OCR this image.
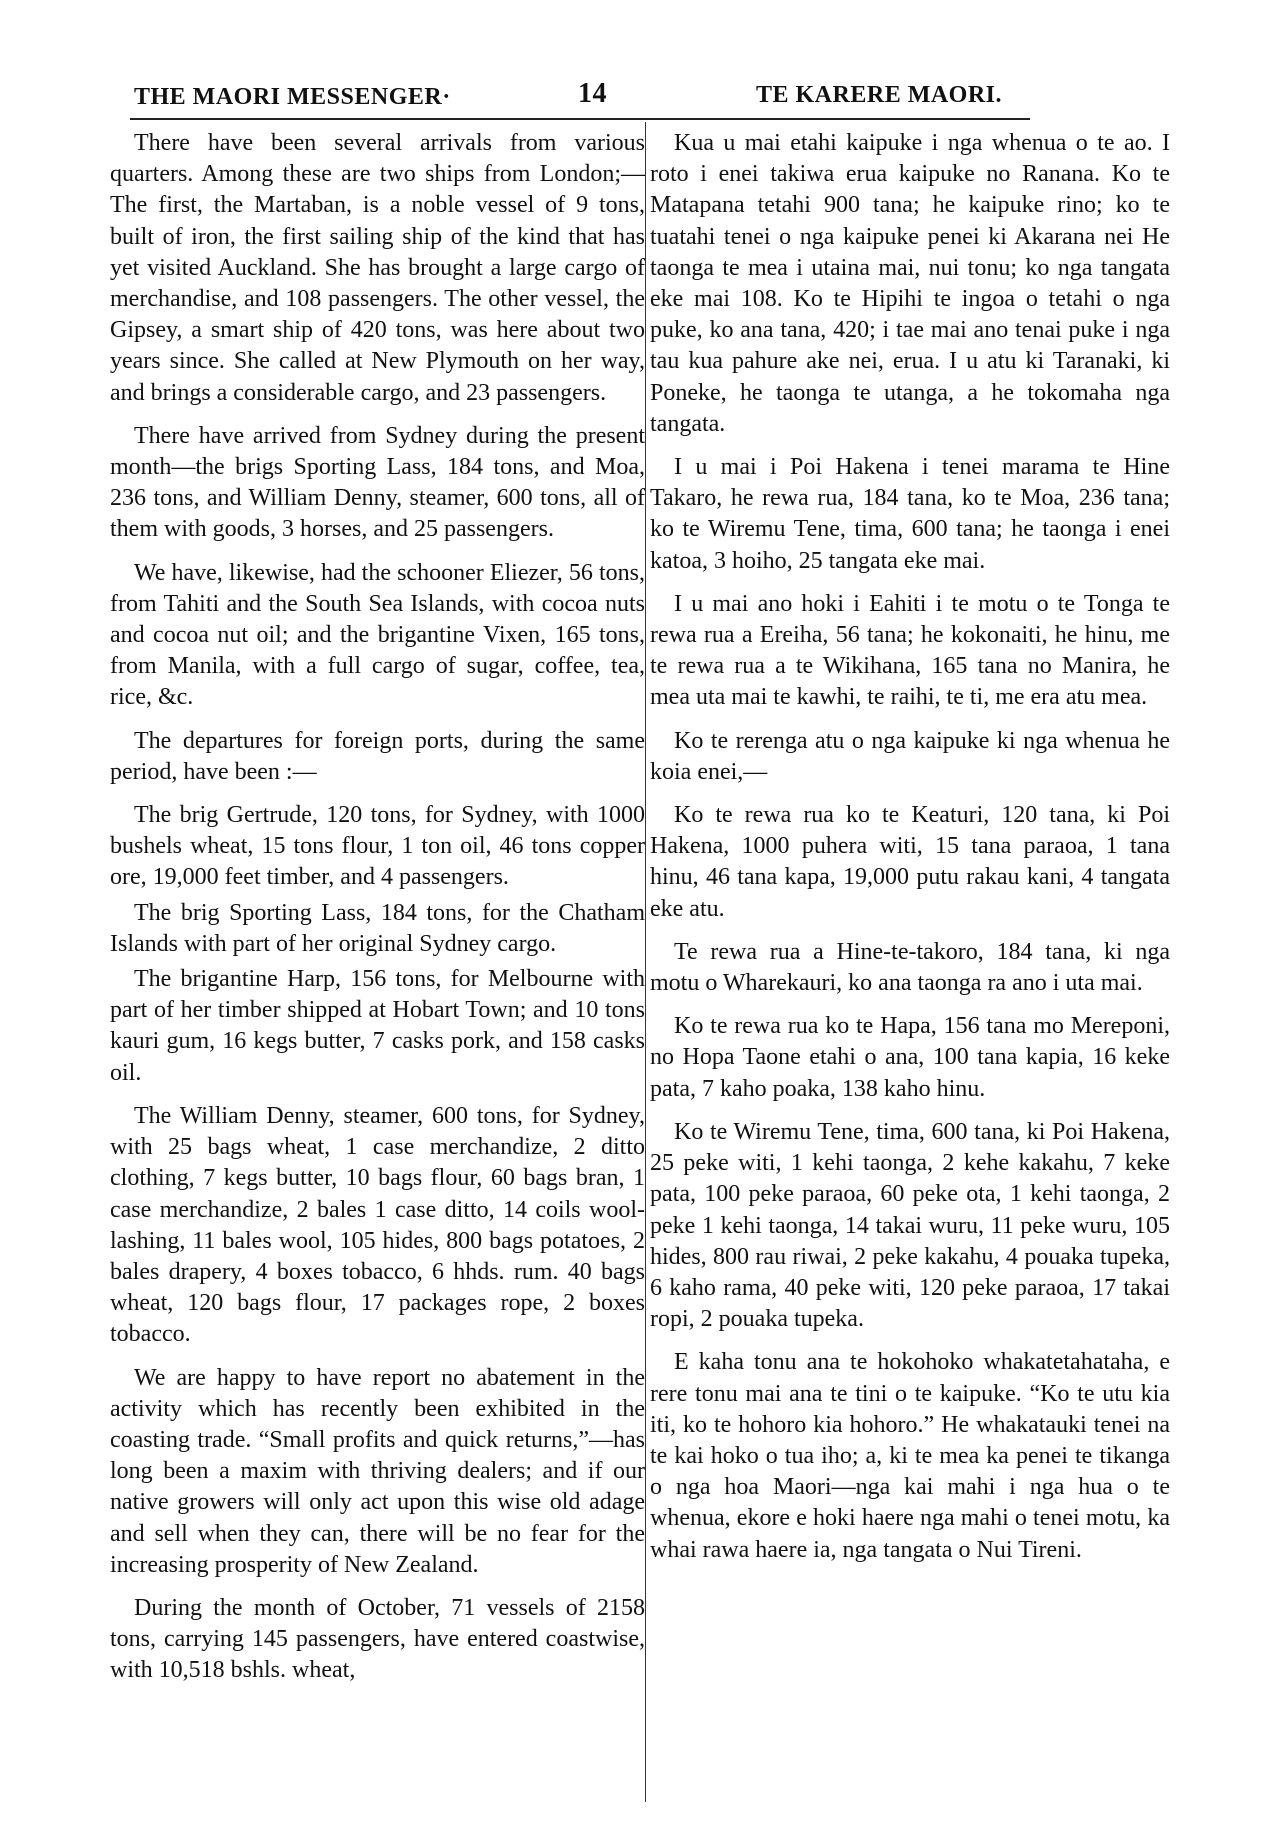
THE MAORI MESSENGER·	14	TE KARERE MAORI.

There have been several arrivals from various quarters. Among these are two ships from London;—The first, the Martaban, is a noble vessel of 9 tons, built of iron, the first sailing ship of the kind that has yet visited Auckland. She has brought a large cargo of merchandise, and 108 passengers. The other vessel, the Gipsey, a smart ship of 420 tons, was here about two years since. She called at New Plymouth on her way, and brings a considerable cargo, and 23 passengers.

There have arrived from Sydney during the present month—the brigs Sporting Lass, 184 tons, and Moa, 236 tons, and William Denny, steamer, 600 tons, all of them with goods, 3 horses, and 25 passengers.

We have, likewise, had the schooner Eliezer, 56 tons, from Tahiti and the South Sea Islands, with cocoa nuts and cocoa nut oil; and the brigantine Vixen, 165 tons, from Manila, with a full cargo of sugar, coffee, tea, rice, &c.

The departures for foreign ports, during the same period, have been :—

The brig Gertrude, 120 tons, for Sydney, with 1000 bushels wheat, 15 tons flour, 1 ton oil, 46 tons copper ore, 19,000 feet timber, and 4 passengers.

The brig Sporting Lass, 184 tons, for the Chatham Islands with part of her original Sydney cargo.

The brigantine Harp, 156 tons, for Melbourne with part of her timber shipped at Hobart Town; and 10 tons kauri gum, 16 kegs butter, 7 casks pork, and 158 casks oil.

The William Denny, steamer, 600 tons, for Sydney, with 25 bags wheat, 1 case merchandize, 2 ditto clothing, 7 kegs butter, 10 bags flour, 60 bags bran, 1 case merchandize, 2 bales 1 case ditto, 14 coils wool-lashing, 11 bales wool, 105 hides, 800 bags potatoes, 2 bales drapery, 4 boxes tobacco, 6 hhds. rum. 40 bags wheat, 120 bags flour, 17 packages rope, 2 boxes tobacco.

We are happy to have report no abatement in the activity which has recently been exhibited in the coasting trade. “Small profits and quick returns,”—has long been a maxim with thriving dealers; and if our native growers will only act upon this wise old adage and sell when they can, there will be no fear for the increasing prosperity of New Zealand.

During the month of October, 71 vessels of 2158 tons, carrying 145 passengers, have entered coastwise, with 10,518 bshls. wheat,

Kua u mai etahi kaipuke i nga whenua o te ao. I roto i enei takiwa erua kaipuke no Ranana. Ko te Matapana tetahi 900 tana; he kaipuke rino; ko te tuatahi tenei o nga kaipuke penei ki Akarana nei He taonga te mea i utaina mai, nui tonu; ko nga tangata eke mai 108. Ko te Hipihi te ingoa o tetahi o nga puke, ko ana tana, 420; i tae mai ano tenai puke i nga tau kua pahure ake nei, erua. I u atu ki Taranaki, ki Poneke, he taonga te utanga, a he tokomaha nga tangata.

I u mai i Poi Hakena i tenei marama te Hine Takaro, he rewa rua, 184 tana, ko te Moa, 236 tana; ko te Wiremu Tene, tima, 600 tana; he taonga i enei katoa, 3 hoiho, 25 tangata eke mai.

I u mai ano hoki i Eahiti i te motu o te Tonga te rewa rua a Ereiha, 56 tana; he kokonaiti, he hinu, me te rewa rua a te Wikihana, 165 tana no Manira, he mea uta mai te kawhi, te raihi, te ti, me era atu mea.

Ko te rerenga atu o nga kaipuke ki nga whenua he koia enei,—

Ko te rewa rua ko te Keaturi, 120 tana, ki Poi Hakena, 1000 puhera witi, 15 tana paraoa, 1 tana hinu, 46 tana kapa, 19,000 putu rakau kani, 4 tangata eke atu.

Te rewa rua a Hine-te-takoro, 184 tana, ki nga motu o Wharekauri, ko ana taonga ra ano i uta mai.

Ko te rewa rua ko te Hapa, 156 tana mo Mereponi, no Hopa Taone etahi o ana, 100 tana kapia, 16 keke pata, 7 kaho poaka, 138 kaho hinu.

Ko te Wiremu Tene, tima, 600 tana, ki Poi Hakena, 25 peke witi, 1 kehi taonga, 2 kehe kakahu, 7 keke pata, 100 peke paraoa, 60 peke ota, 1 kehi taonga, 2 peke 1 kehi taonga, 14 takai wuru, 11 peke wuru, 105 hides, 800 rau riwai, 2 peke kakahu, 4 pouaka tupeka, 6 kaho rama, 40 peke witi, 120 peke paraoa, 17 takai ropi, 2 pouaka tupeka.

E kaha tonu ana te hokohoko whakatetahataha, e rere tonu mai ana te tini o te kaipuke. “Ko te utu kia iti, ko te hohoro kia hohoro.” He whakatauki tenei na te kai hoko o tua iho; a, ki te mea ka penei te tikanga o nga hoa Maori—nga kai mahi i nga hua o te whenua, ekore e hoki haere nga mahi o tenei motu, ka whai rawa haere ia, nga tangata o Nui Tireni.
